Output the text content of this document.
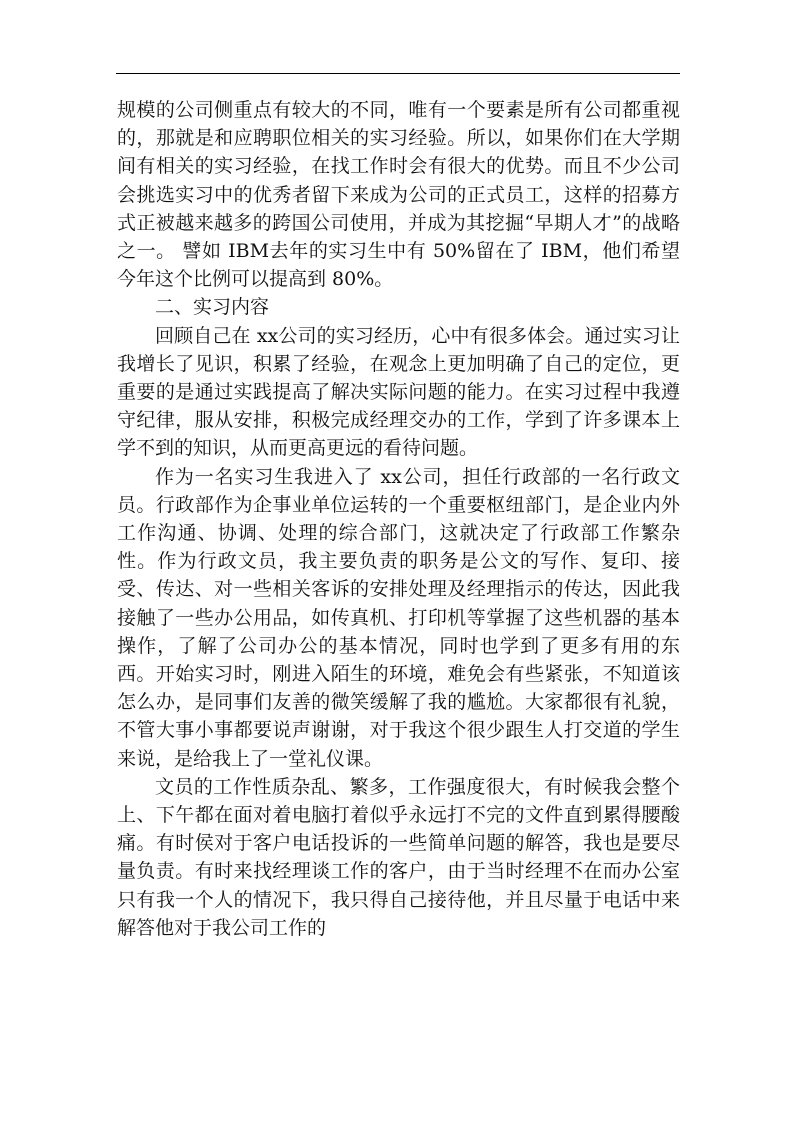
规模的公司侧重点有较大的不同，唯有一个要素是所有公司都重视的，那就是和应聘职位相关的实习经验。所以，如果你们在大学期间有相关的实习经验，在找工作时会有很大的优势。而且不少公司会挑选实习中的优秀者留下来成为公司的正式员工，这样的招募方式正被越来越多的跨国公司使用，并成为其挖掘“早期人才”的战略之一。 譬如 IBM去年的实习生中有 50%留在了 IBM，他们希望今年这个比例可以提高到 80%。

二、实习内容

回顾自己在 xx公司的实习经历，心中有很多体会。通过实习让我增长了见识，积累了经验，在观念上更加明确了自己的定位，更重要的是通过实践提高了解决实际问题的能力。在实习过程中我遵守纪律，服从安排，积极完成经理交办的工作，学到了许多课本上学不到的知识，从而更高更远的看待问题。

作为一名实习生我进入了 xx公司，担任行政部的一名行政文员。行政部作为企事业单位运转的一个重要枢纽部门，是企业内外工作沟通、协调、处理的综合部门，这就决定了行政部工作繁杂性。作为行政文员，我主要负责的职务是公文的写作、复印、接受、传达、对一些相关客诉的安排处理及经理指示的传达，因此我接触了一些办公用品，如传真机、打印机等掌握了这些机器的基本操作，了解了公司办公的基本情况，同时也学到了更多有用的东西。开始实习时，刚进入陌生的环境，难免会有些紧张，不知道该怎么办，是同事们友善的微笑缓解了我的尴尬。大家都很有礼貌，不管大事小事都要说声谢谢，对于我这个很少跟生人打交道的学生来说，是给我上了一堂礼仪课。

文员的工作性质杂乱、繁多，工作强度很大，有时候我会整个上、下午都在面对着电脑打着似乎永远打不完的文件直到累得腰酸痛。有时侯对于客户电话投诉的一些简单问题的解答，我也是要尽量负责。有时来找经理谈工作的客户，由于当时经理不在而办公室只有我一个人的情况下，我只得自己接待他，并且尽量于电话中来解答他对于我公司工作的
